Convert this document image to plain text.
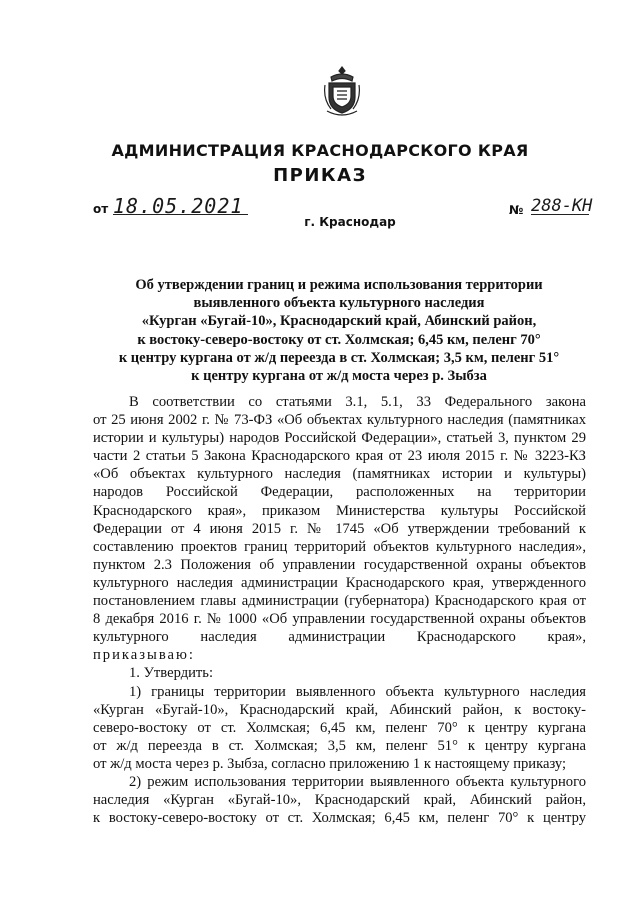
АДМИНИСТРАЦИЯ КРАСНОДАРСКОГО КРАЯ
ПРИКАЗ
от 18.05.2021
г. Краснодар
№ 288-КН
Об утверждении границ и режима использования территории
выявленного объекта культурного наследия
«Курган «Бугай-10», Краснодарский край, Абинский район,
к востоку-северо-востоку от ст. Холмская; 6,45 км, пеленг 70°
к центру кургана от ж/д переезда в ст. Холмская; 3,5 км, пеленг 51°
к центру кургана от ж/д моста через р. Зыбза
В соответствии со статьями 3.1, 5.1, 33 Федерального закона
от 25 июня 2002 г. № 73-ФЗ «Об объектах культурного наследия (памятниках
истории и культуры) народов Российской Федерации», статьей 3, пунктом 29
части 2 статьи 5 Закона Краснодарского края от 23 июля 2015 г. № 3223-КЗ
«Об объектах культурного наследия (памятниках истории и культуры)
народов Российской Федерации, расположенных на территории
Краснодарского края», приказом Министерства культуры Российской
Федерации от 4 июня 2015 г. № 1745 «Об утверждении требований к
составлению проектов границ территорий объектов культурного наследия»,
пунктом 2.3 Положения об управлении государственной охраны объектов
культурного наследия администрации Краснодарского края, утвержденного
постановлением главы администрации (губернатора) Краснодарского края от
8 декабря 2016 г. № 1000 «Об управлении государственной охраны объектов
культурного наследия администрации Краснодарского края»,
приказываю:
1. Утвердить:
1) границы территории выявленного объекта культурного наследия
«Курган «Бугай-10», Краснодарский край, Абинский район, к востоку-
северо-востоку от ст. Холмская; 6,45 км, пеленг 70° к центру кургана
от ж/д переезда в ст. Холмская; 3,5 км, пеленг 51° к центру кургана
от ж/д моста через р. Зыбза, согласно приложению 1 к настоящему приказу;
2) режим использования территории выявленного объекта культурного
наследия «Курган «Бугай-10», Краснодарский край, Абинский район,
к востоку-северо-востоку от ст. Холмская; 6,45 км, пеленг 70° к центру
